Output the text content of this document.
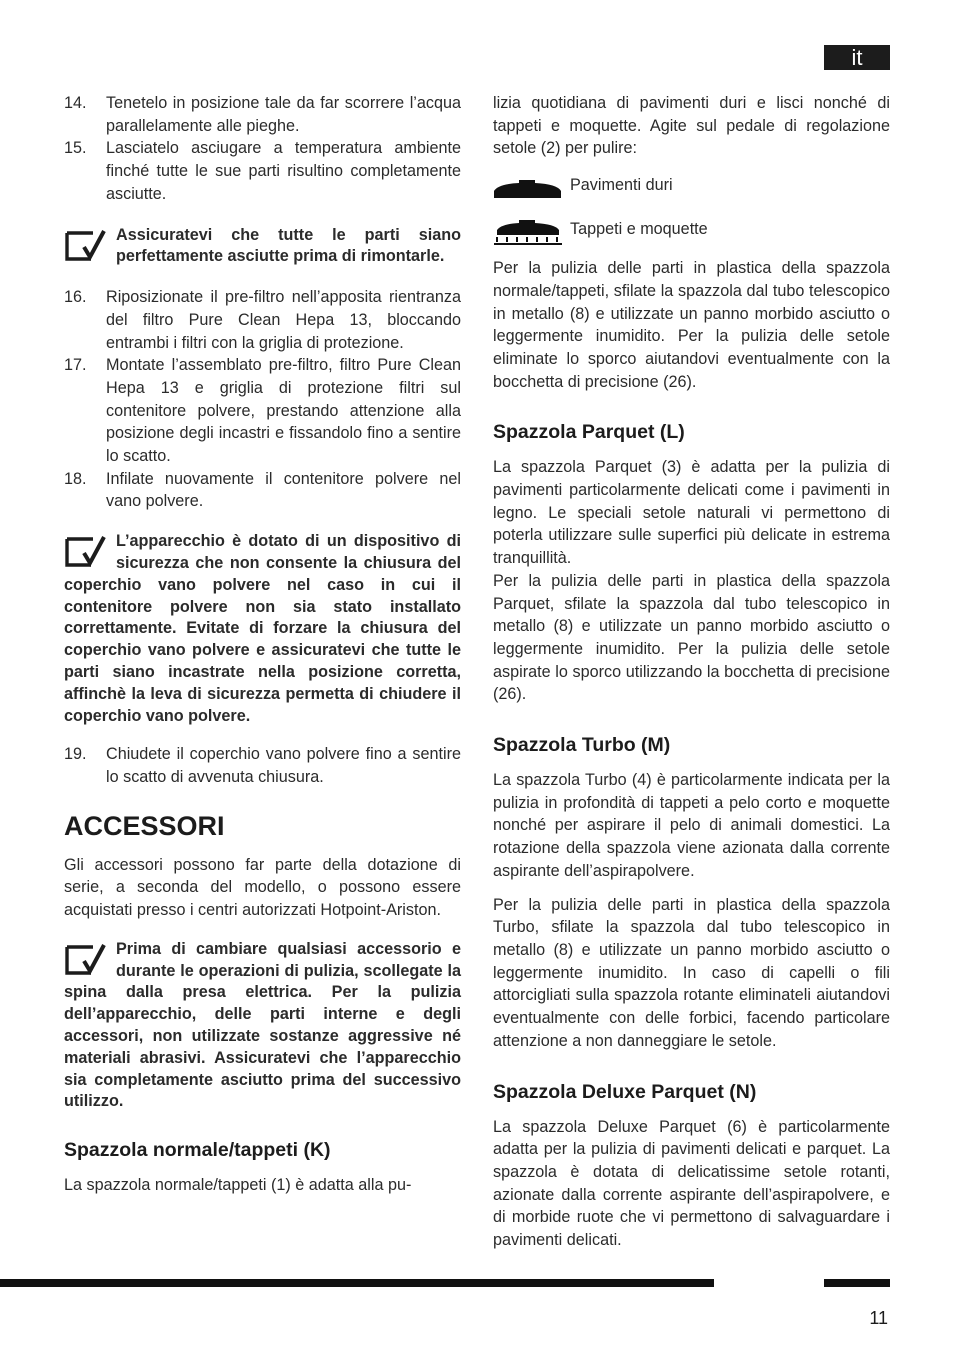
it
14. Tenetelo in posizione tale da far scorrere l’acqua parallelamente alle pieghe.
15. Lasciatelo asciugare a temperatura ambiente finché tutte le sue parti risultino completamente asciutte.
Assicuratevi che tutte le parti siano perfettamente asciutte prima di rimontarle.
16. Riposizionate il pre-filtro nell’apposita rientranza del filtro Pure Clean Hepa 13, bloccando entrambi i filtri con la griglia di protezione.
17. Montate l’assemblato pre-filtro, filtro Pure Clean Hepa 13 e griglia di protezione filtri sul contenitore polvere, prestando attenzione alla posizione degli incastri e fissandolo fino a sentire lo scatto.
18. Infilate nuovamente il contenitore polvere nel vano polvere.
L’apparecchio è dotato di un dispositivo di sicurezza che non consente la chiusura del coperchio vano polvere nel caso in cui il contenitore polvere non sia stato installato correttamente. Evitate di forzare la chiusura del coperchio vano polvere e assicuratevi che tutte le parti siano incastrate nella posizione corretta, affinchè la leva di sicurezza permetta di chiudere il coperchio vano polvere.
19. Chiudete il coperchio vano polvere fino a sentire lo scatto di avvenuta chiusura.
ACCESSORI

Gli accessori possono far parte della dotazione di serie, a seconda del modello, o possono essere acquistati presso i centri autorizzati Hotpoint-Ariston.

Prima di cambiare qualsiasi accessorio e durante le operazioni di pulizia, scollegate la spina dalla presa elettrica. Per la pulizia dell’apparecchio, delle parti interne e degli accessori, non utilizzate sostanze aggressive né materiali abrasivi. Assicuratevi che l’apparecchio sia completamente asciutto prima del successivo utilizzo.
Spazzola normale/tappeti (K)

La spazzola normale/tappeti (1) è adatta alla pu-

lizia quotidiana di pavimenti duri e lisci nonché di tappeti e moquette. Agite sul pedale di regolazione setole (2) per pulire:

Pavimenti duri
Tappeti e moquette

Per la pulizia delle parti in plastica della spazzola normale/tappeti, sfilate la spazzola dal tubo telescopico in metallo (8) e utilizzate un panno morbido asciutto o leggermente inumidito. Per la pulizia delle setole eliminate lo sporco aiutandovi eventualmente con la bocchetta di precisione (26).

Spazzola Parquet (L)

La spazzola Parquet (3) è adatta per la pulizia di pavimenti particolarmente delicati come i pavimenti in legno. Le speciali setole naturali vi permettono di poterla utilizzare sulle superfici più delicate in estrema tranquillità.

Per la pulizia delle parti in plastica della spazzola Parquet, sfilate la spazzola dal tubo telescopico in metallo (8) e utilizzate un panno morbido asciutto o leggermente inumidito. Per la pulizia delle setole aspirate lo sporco utilizzando la bocchetta di precisione (26).

Spazzola Turbo (M)

La spazzola Turbo (4) è particolarmente indicata per la pulizia in profondità di tappeti a pelo corto e moquette nonché per aspirare il pelo di animali domestici. La rotazione della spazzola viene azionata dalla corrente aspirante dell’aspirapolvere.

Per la pulizia delle parti in plastica della spazzola Turbo, sfilate la spazzola dal tubo telescopico in metallo (8) e utilizzate un panno morbido asciutto o leggermente inumidito. In caso di capelli o fili attorcigliati sulla spazzola rotante eliminateli aiutandovi eventualmente con delle forbici, facendo particolare attenzione a non danneggiare le setole.

Spazzola Deluxe Parquet (N)

La spazzola Deluxe Parquet (6) è particolarmente adatta per la pulizia di pavimenti delicati e parquet. La spazzola è dotata di delicatissime setole rotanti, azionate dalla corrente aspirante dell’aspirapolvere, e di morbide ruote che vi permettono di salvaguardare i pavimenti delicati.

11
